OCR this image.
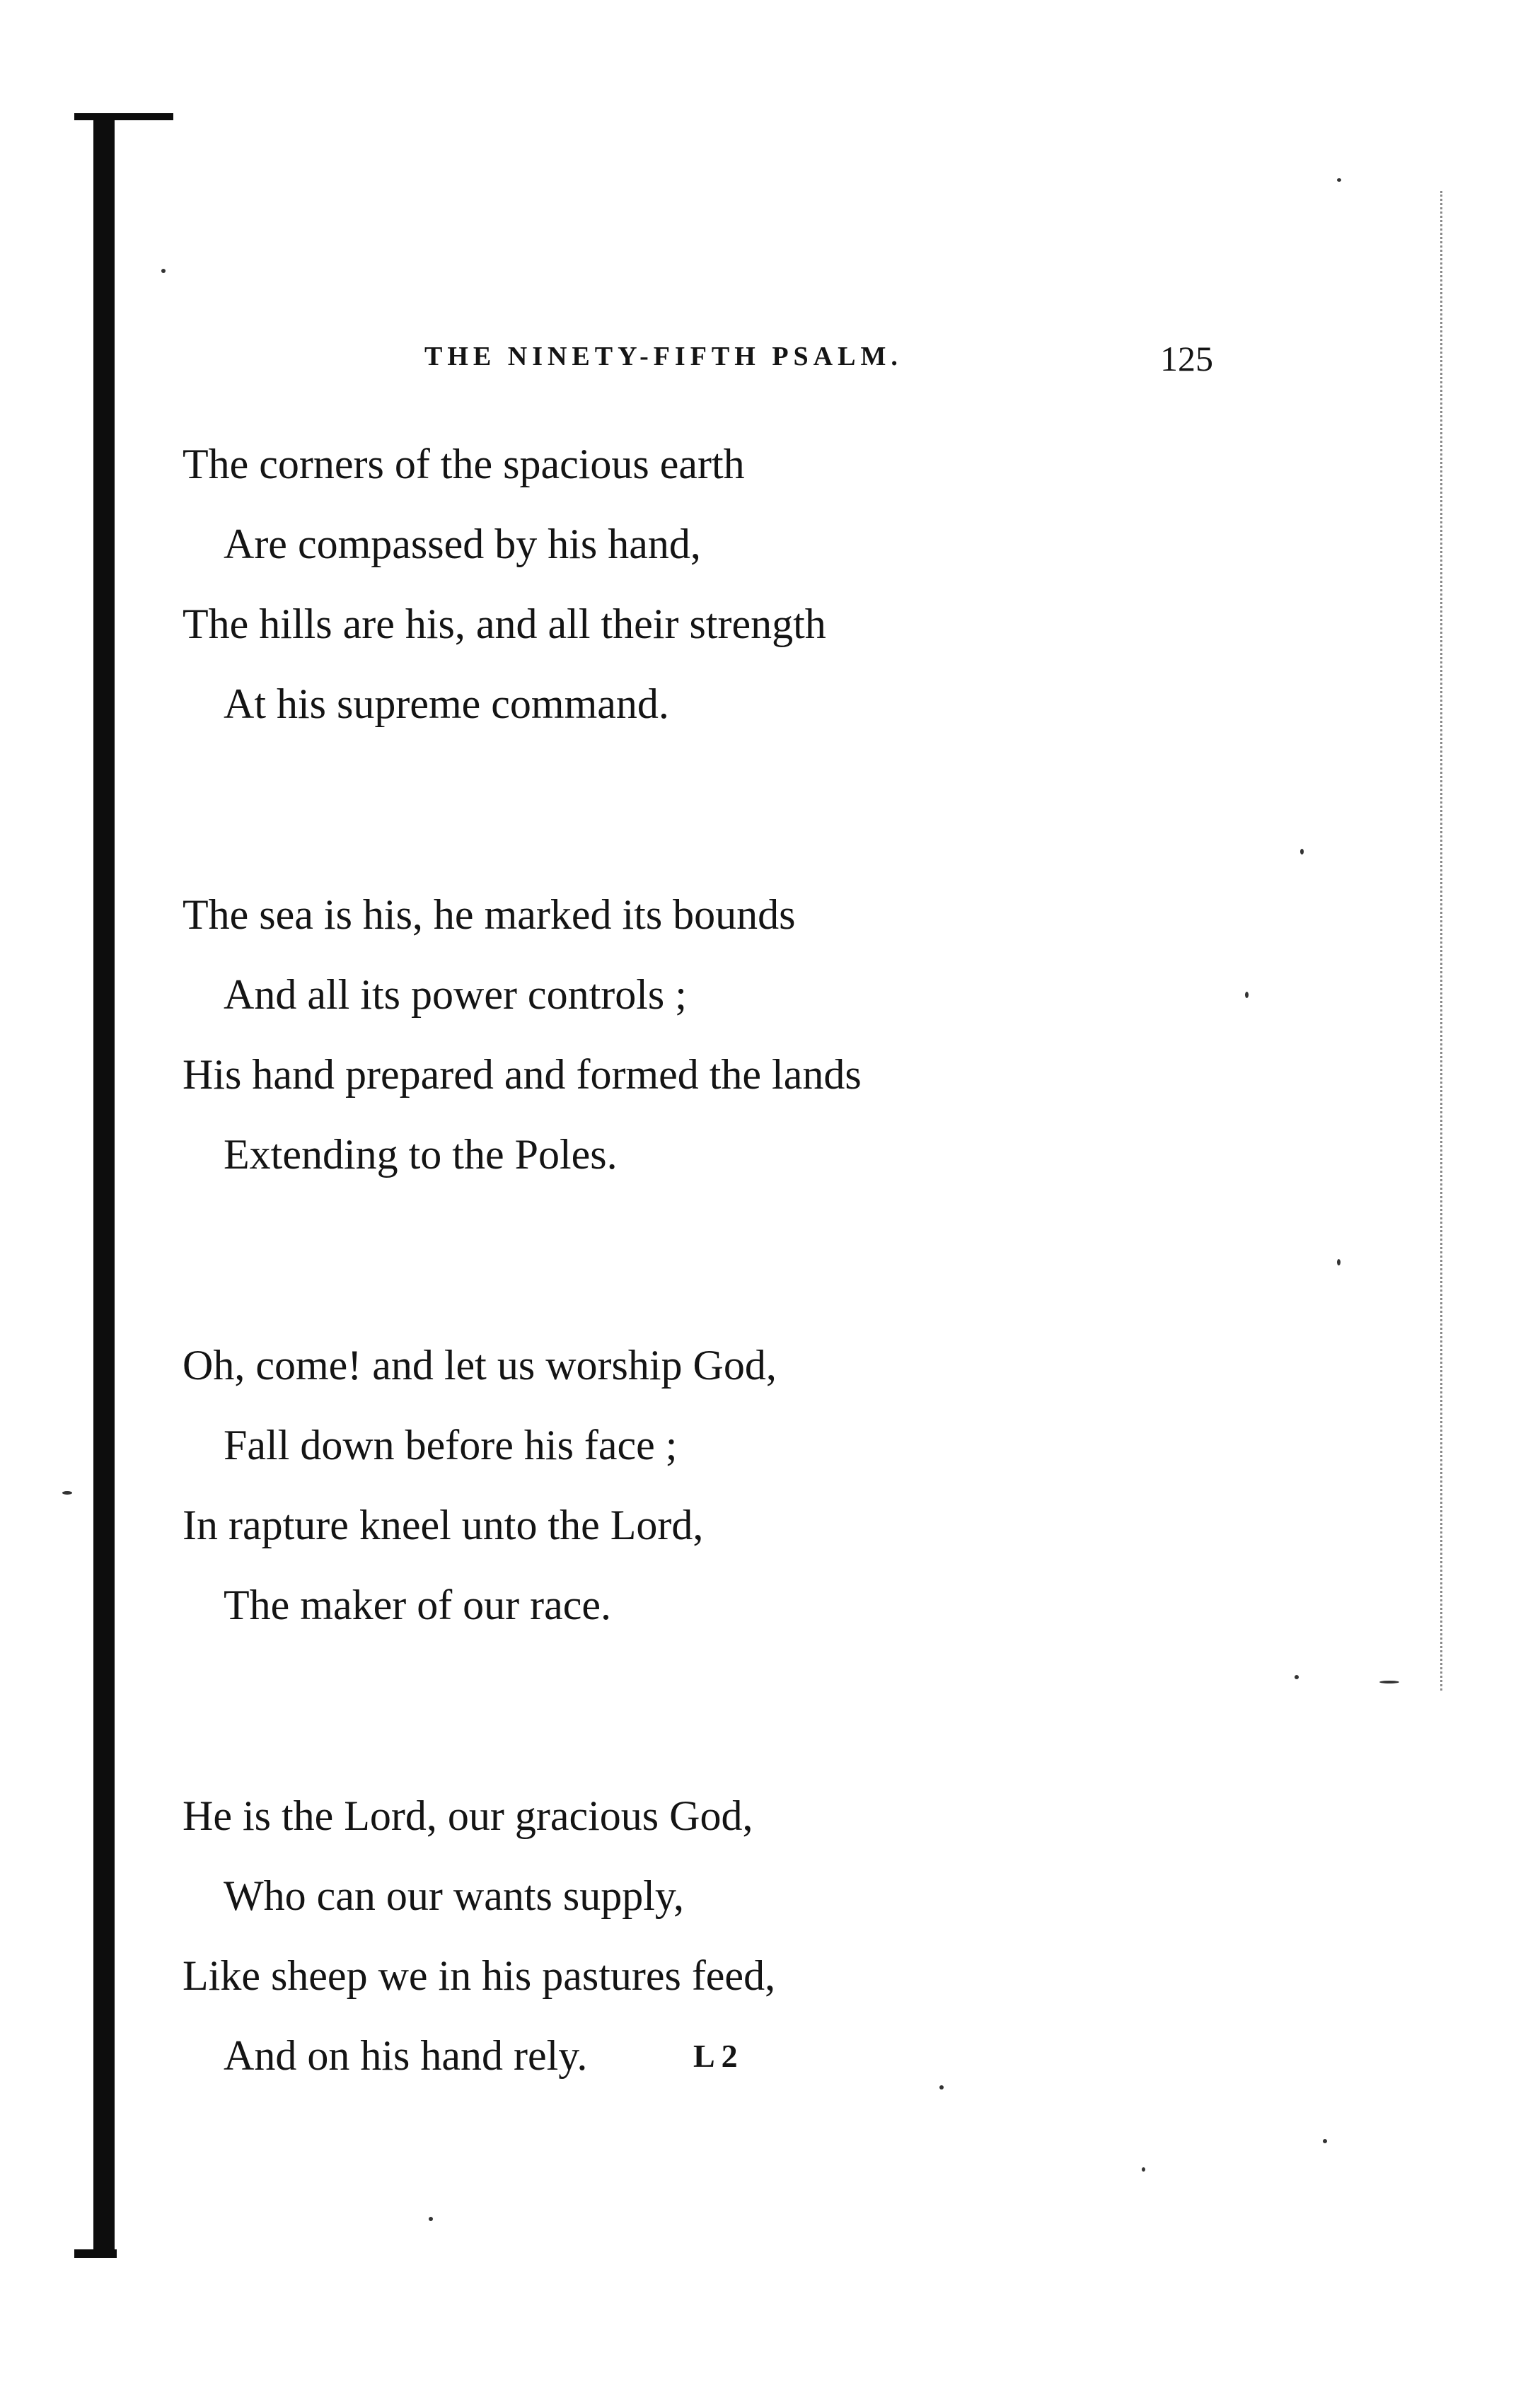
THE NINETY-FIFTH PSALM.	125
The corners of the spacious earth
Are compassed by his hand,
The hills are his, and all their strength
At his supreme command.
The sea is his, he marked its bounds
And all its power controls ;
His hand prepared and formed the lands
Extending to the Poles.
Oh, come! and let us worship God,
Fall down before his face ;
In rapture kneel unto the Lord,
The maker of our race.
He is the Lord, our gracious God,
Who can our wants supply,
Like sheep we in his pastures feed,
And on his hand rely.	L 2
